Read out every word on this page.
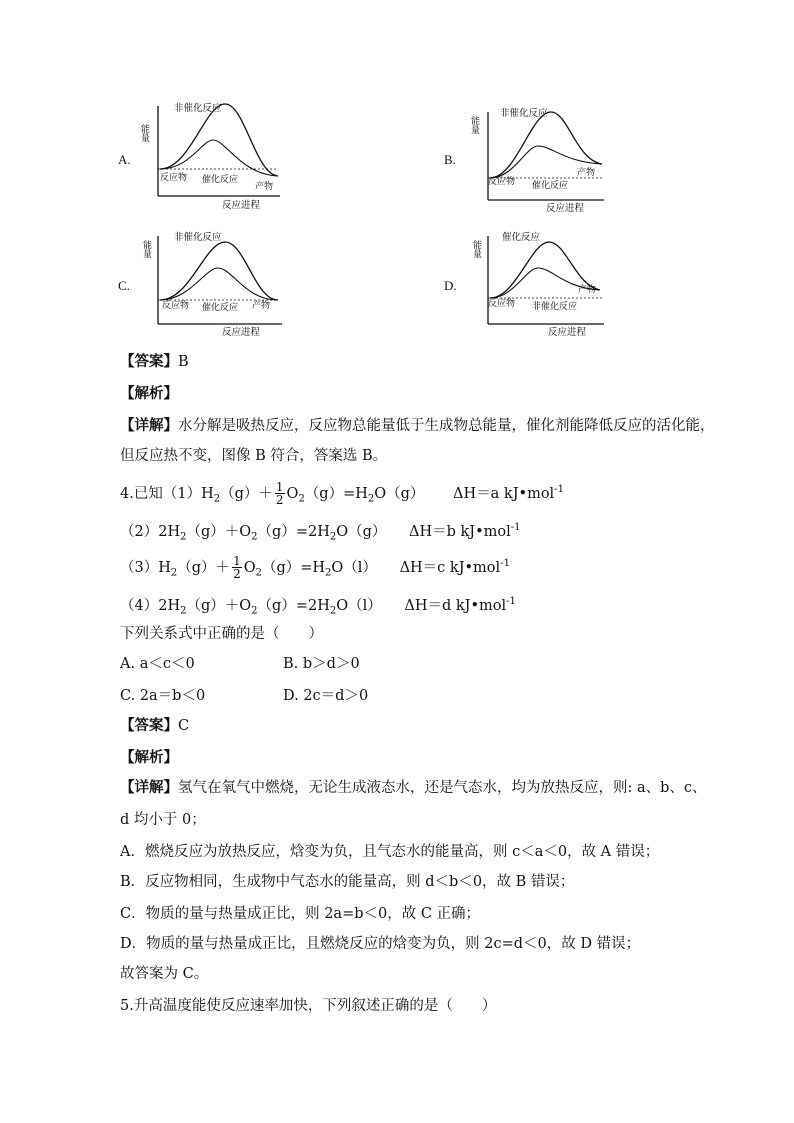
A.
能量
非催化反应
反应物 催化反应
产物
反应进程
B.
能量
非催化反应
反应物 催化反应
产物
反应进程
C.
能量
非催化反应
反应物 催化反应 产物
反应进程
D.
能量
催化反应
反应物 非催化反应
产物
反应进程
【答案】B
【解析】
【详解】水分解是吸热反应，反应物总能量低于生成物总能量，催化剂能降低反应的活化能，
但反应热不变，图像 B 符合，答案选 B。
4.已知$(1)H_2(g)+ \frac{1}{2} O_2(g)=H_2O(g)$ ΔH＝a kJ•mol$^{-1}$
$(2)2H_2(g)+O_2(g)=2H_2O(g)$ ΔH＝b kJ•mol$^{-1}$
$(3)H_2(g)+ \frac{1}{2} O_2(g)=H_2O(l)$ ΔH＝c kJ•mol$^{-1}$
$(4)2H_2(g)+O_2(g)=2H_2O(l)$ ΔH＝d kJ•mol$^{-1}$
下列关系式中正确的是（　　）
A. a＜c＜0	B. b＞d＞0
C. 2a＝b＜0	D. 2c＝d＞0
【答案】C
【解析】
【详解】氢气在氧气中燃烧，无论生成液态水，还是气态水，均为放热反应，则: a、b、c、
d 均小于 0；
A．燃烧反应为放热反应，焓变为负，且气态水的能量高，则 c＜a＜0，故 A 错误；
B．反应物相同，生成物中气态水的能量高，则 d＜b＜0，故 B 错误；
C．物质的量与热量成正比，则 2a=b＜0，故 C 正确；
D．物质的量与热量成正比，且燃烧反应的焓变为负，则 2c=d＜0，故 D 错误；
故答案为 C。
5.升高温度能使反应速率加快，下列叙述正确的是（　　）
